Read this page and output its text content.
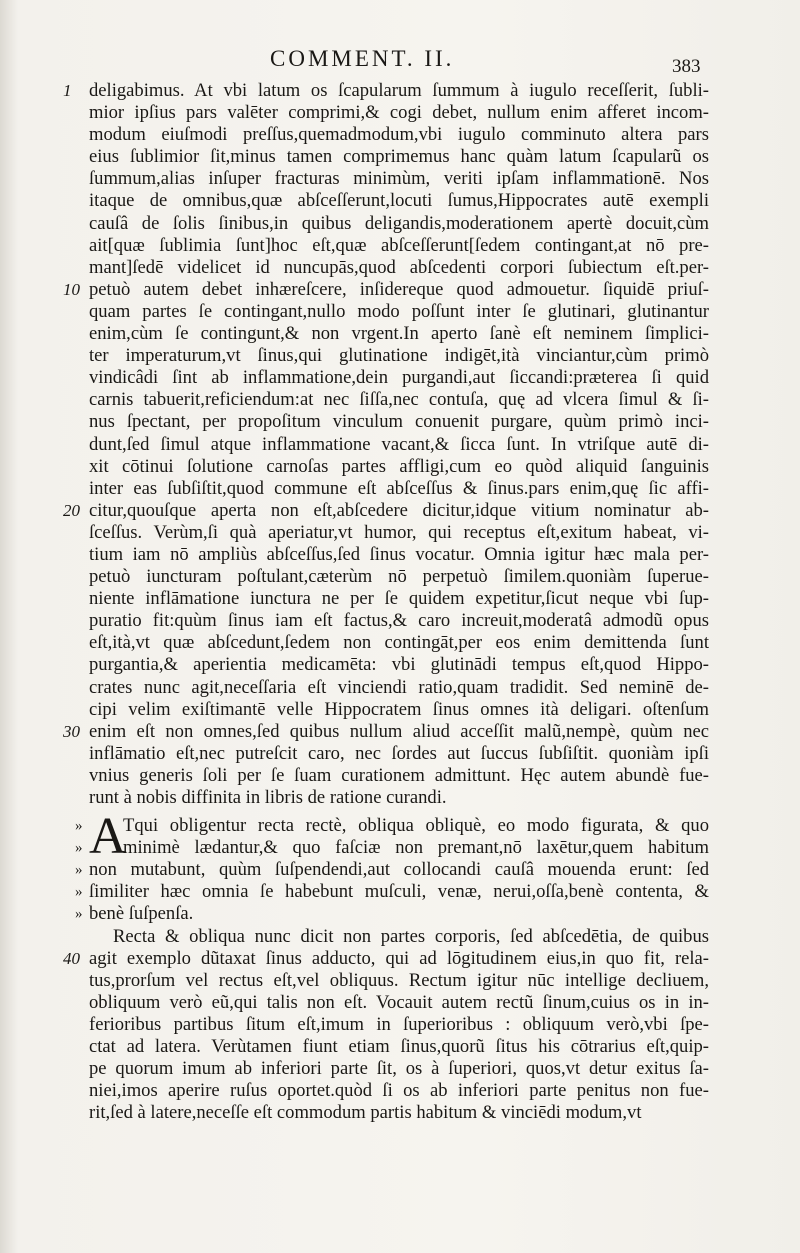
COMMENT. II.	383
1 deligabimus. At vbi latum os ſcapularum ſummum à iugulo receſſerit, ſubli-
mior ipſius pars valēter comprimi,& cogi debet, nullum enim afferet incom-
modum eiuſmodi preſſus,quemadmodum,vbi iugulo comminuto altera pars
eius ſublimior ſit,minus tamen comprimemus hanc quàm latum ſcapularũ os
ſummum,alias inſuper fracturas minimùm, veriti ipſam inflammationē. Nos
itaque de omnibus,quæ abſceſſerunt,locuti ſumus,Hippocrates autē exempli
cauſâ de ſolis ſinibus,in quibus deligandis,moderationem apertè docuit,cùm
ait[quæ ſublimia ſunt]hoc eſt,quæ abſceſſerunt[ſedem contingant,at nō pre-
mant]ſedē videlicet id nuncupās,quod abſcedenti corpori ſubiectum eſt.per-
10 petuò autem debet inhæreſcere, inſidereque quod admouetur. ſiquidē priuſ-
quam partes ſe contingant,nullo modo poſſunt inter ſe glutinari, glutinantur
enim,cùm ſe contingunt,& non vrgent.In aperto ſanè eſt neminem ſimplici-
ter imperaturum,vt ſinus,qui glutinatione indigēt,ità vinciantur,cùm primò
vindicâdi ſint ab inflammatione,dein purgandi,aut ſiccandi:præterea ſi quid
carnis tabuerit,reficiendum:at nec ſiſſa,nec contuſa, quę ad vlcera ſimul & ſi-
nus ſpectant, per propoſitum vinculum conuenit purgare, quùm primò inci-
dunt,ſed ſimul atque inflammatione vacant,& ſicca ſunt. In vtriſque autē di-
xit cōtinui ſolutione carnoſas partes affligi,cum eo quòd aliquid ſanguinis
inter eas ſubſiſtit,quod commune eſt abſceſſus & ſinus.pars enim,quę ſic affi-
20 citur,quouſque aperta non eſt,abſcedere dicitur,idque vitium nominatur ab-
ſceſſus. Verùm,ſi quà aperiatur,vt humor, qui receptus eſt,exitum habeat, vi-
tium iam nō ampliùs abſceſſus,ſed ſinus vocatur. Omnia igitur hæc mala per-
petuò iuncturam poſtulant,cæterùm nō perpetuò ſimilem.quoniàm ſuperue-
niente inflāmatione iunctura ne per ſe quidem expetitur,ſicut neque vbi ſup-
puratio fit:quùm ſinus iam eſt factus,& caro increuit,moderatâ admodũ opus
eſt,ità,vt quæ abſcedunt,ſedem non contingāt,per eos enim demittenda ſunt
purgantia,& aperientia medicamēta: vbi glutinādi tempus eſt,quod Hippo-
crates nunc agit,neceſſaria eſt vinciendi ratio,quam tradidit. Sed neminē de-
cipi velim exiſtimantē velle Hippocratem ſinus omnes ità deligari. oſtenſum
30 enim eſt non omnes,ſed quibus nullum aliud acceſſit malũ,nempè, quùm nec
inflāmatio eſt,nec putreſcit caro, nec ſordes aut ſuccus ſubſiſtit. quoniàm ipſi
vnius generis ſoli per ſe ſuam curationem admittunt. Hęc autem abundè fue-
runt à nobis diffinita in libris de ratione curandi.
» A
Tqui obligentur recta rectè, obliqua obliquè, eo modo figurata, & quo
» minimè lædantur,& quo faſciæ non premant,nō laxētur,quem habitum
» non mutabunt, quùm ſuſpendendi,aut collocandi cauſâ mouenda erunt: ſed
» ſimiliter hæc omnia ſe habebunt muſculi, venæ, nerui,oſſa,benè contenta, &
» benè ſuſpenſa.
Recta & obliqua nunc dicit non partes corporis, ſed abſcedētia, de quibus
40 agit exemplo dũtaxat ſinus adducto, qui ad lōgitudinem eius,in quo fit, rela-
tus,prorſum vel rectus eſt,vel obliquus. Rectum igitur nūc intellige decliuem,
obliquum verò eũ,qui talis non eſt. Vocauit autem rectũ ſinum,cuius os in in-
ferioribus partibus ſitum eſt,imum in ſuperioribus : obliquum verò,vbi ſpe-
ctat ad latera. Verùtamen fiunt etiam ſinus,quorũ ſitus his cōtrarius eſt,quip-
pe quorum imum ab inferiori parte ſit, os à ſuperiori, quos,vt detur exitus ſa-
niei,imos aperire ruſus oportet.quòd ſi os ab inferiori parte penitus non fue-
rit,ſed à latere,neceſſe eſt commodum partis habitum & vinciēdi modum,vt
